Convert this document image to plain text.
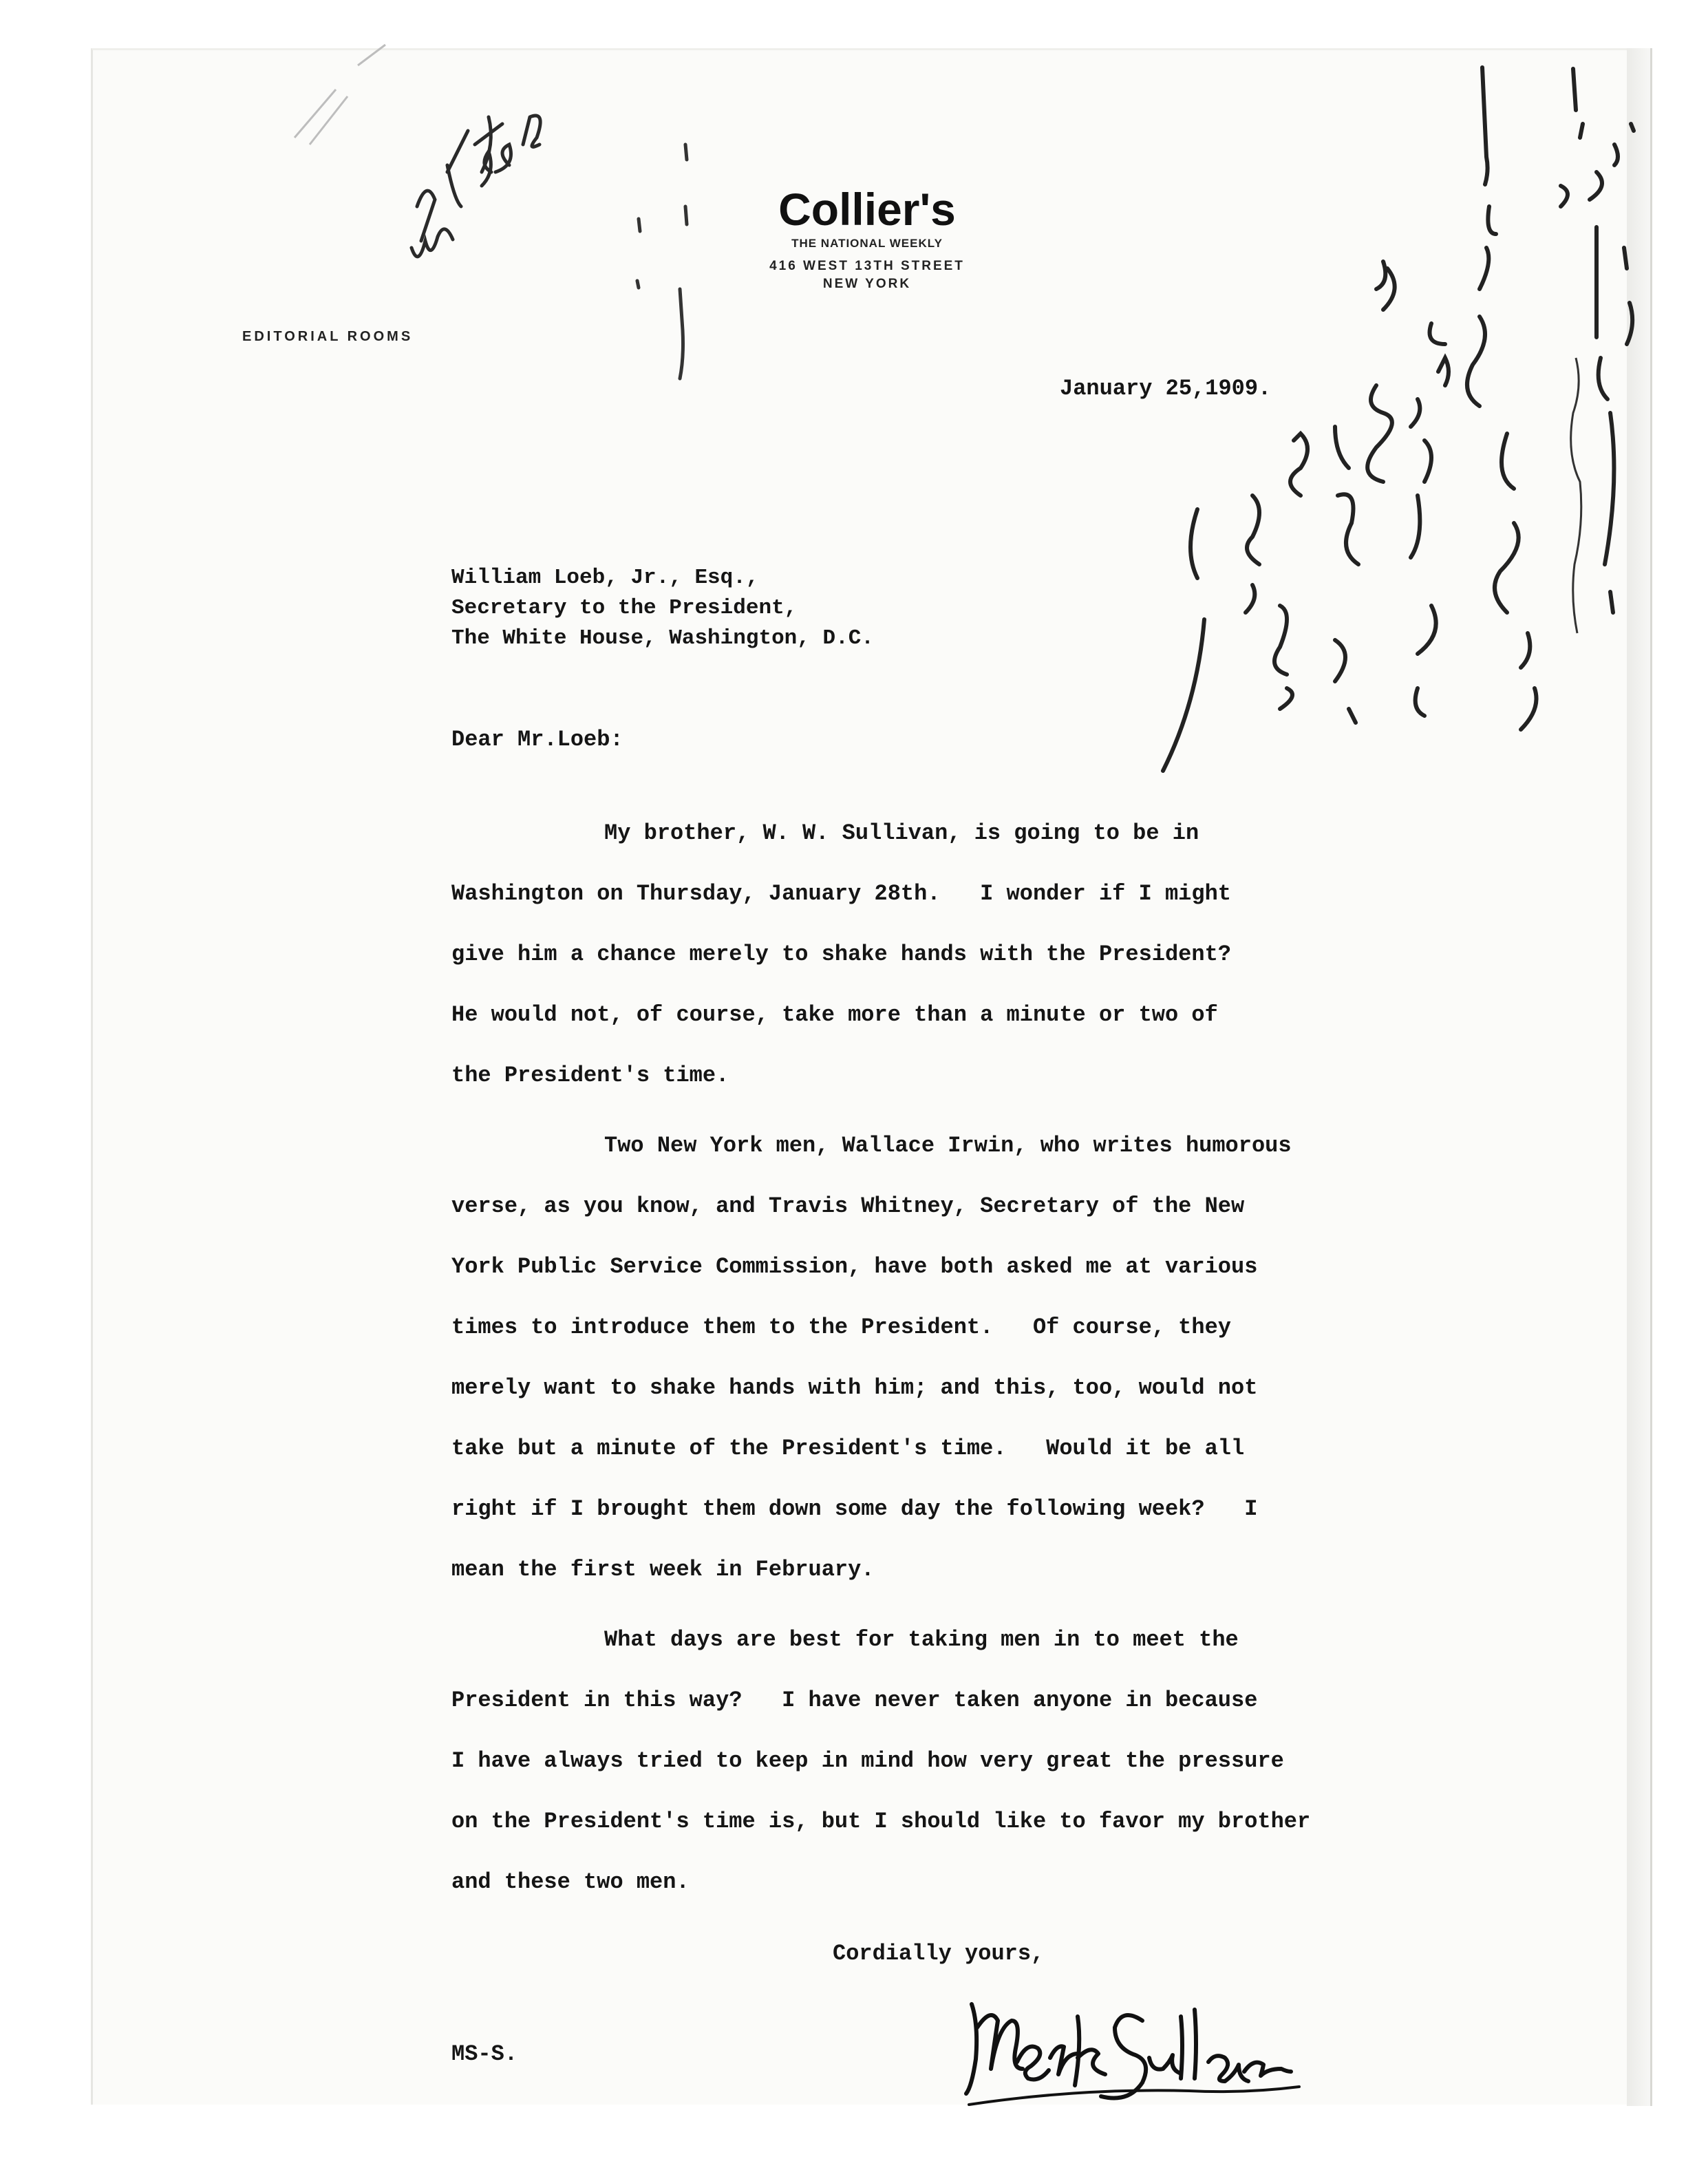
Collier's
THE NATIONAL WEEKLY
416 WEST 13TH STREET
NEW YORK
EDITORIAL ROOMS
January 25,1909.
William Loeb, Jr., Esq.,
Secretary to the President,
The White House, Washington, D.C.
Dear Mr.Loeb:
My brother, W. W. Sullivan, is going to be in
Washington on Thursday, January 28th.   I wonder if I might
give him a chance merely to shake hands with the President?
He would not, of course, take more than a minute or two of
the President's time.
Two New York men, Wallace Irwin, who writes humorous
verse, as you know, and Travis Whitney, Secretary of the New
York Public Service Commission, have both asked me at various
times to introduce them to the President.   Of course, they
merely want to shake hands with him; and this, too, would not
take but a minute of the President's time.   Would it be all
right if I brought them down some day the following week?   I
mean the first week in February.
What days are best for taking men in to meet the
President in this way?   I have never taken anyone in because
I have always tried to keep in mind how very great the pressure
on the President's time is, but I should like to favor my brother
and these two men.
Cordially yours,
MS-S.
